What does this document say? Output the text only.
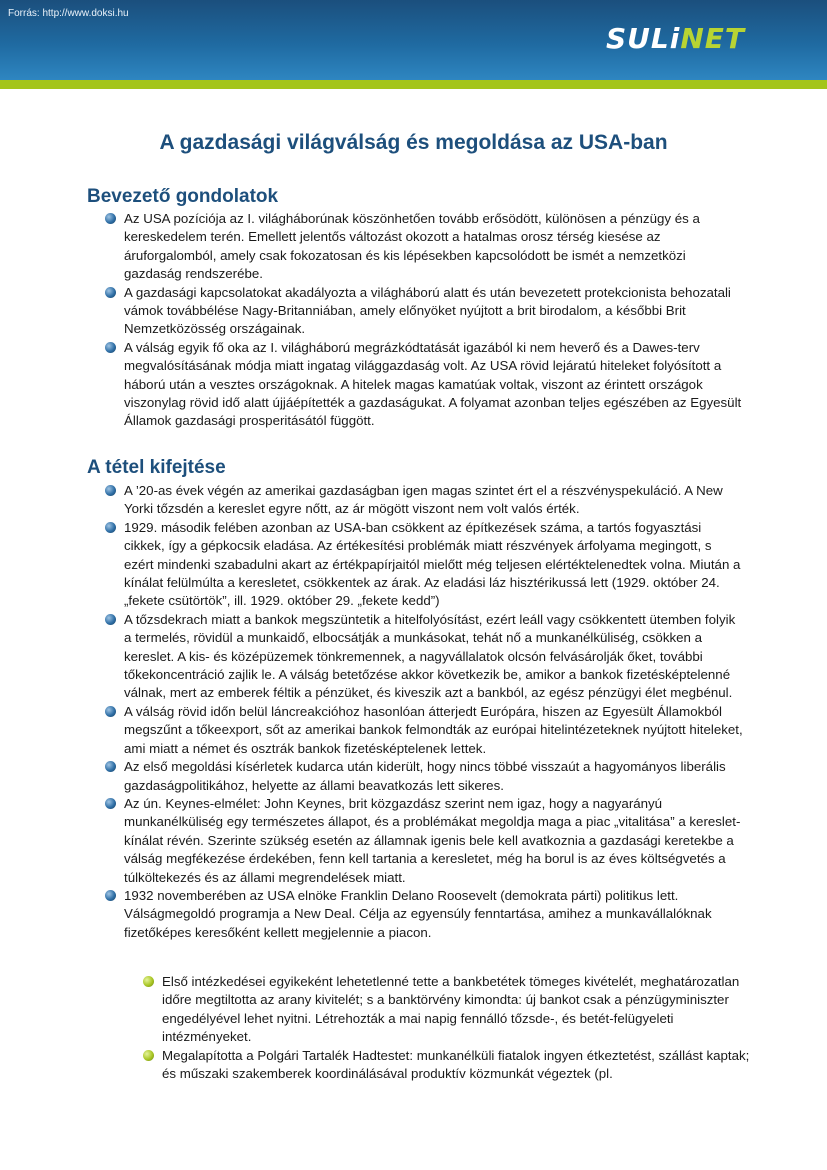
Forrás: http://www.doksi.hu
SULiNET
A gazdasági világválság és megoldása az USA-ban
Bevezető gondolatok
Az USA pozíciója az I. világháborúnak köszönhetően tovább erősödött, különösen a pénzügy és a kereskedelem terén. Emellett jelentős változást okozott a hatalmas orosz térség kiesése az áruforgalomból, amely csak fokozatosan és kis lépésekben kapcsolódott be ismét a nemzetközi gazdaság rendszerébe.
A gazdasági kapcsolatokat akadályozta a világháború alatt és után bevezetett protekcionista behozatali vámok továbbélése Nagy-Britanniában, amely előnyöket nyújtott a brit birodalom, a későbbi Brit Nemzetközösség országainak.
A válság egyik fő oka az I. világháború megrázkódtatását igazából ki nem heverő és a Dawes-terv megvalósításának módja miatt ingatag világgazdaság volt. Az USA rövid lejáratú hiteleket folyósított a háború után a vesztes országoknak. A hitelek magas kamatúak voltak, viszont az érintett országok viszonylag rövid idő alatt újjáépítették a gazdaságukat. A folyamat azonban teljes egészében az Egyesült Államok gazdasági prosperitásától függött.
A tétel kifejtése
A ’20-as évek végén az amerikai gazdaságban igen magas szintet ért el a részvényspekuláció. A New Yorki tőzsdén a kereslet egyre nőtt, az ár mögött viszont nem volt valós érték.
1929. második felében azonban az USA-ban csökkent az építkezések száma, a tartós fogyasztási cikkek, így a gépkocsik eladása. Az értékesítési problémák miatt részvények árfolyama megingott, s ezért mindenki szabadulni akart az értékpapírjaitól mielőtt még teljesen elértéktelenedtek volna. Miután a kínálat felülmúlta a keresletet, csökkentek az árak. Az eladási láz hisztérikussá lett (1929. október 24. „fekete csütörtök”, ill. 1929. október 29. „fekete kedd”)
A tőzsdekrach miatt a bankok megszüntetik a hitelfolyósítást, ezért leáll vagy csökkentett ütemben folyik a termelés, rövidül a munkaidő, elbocsátják a munkásokat, tehát nő a munkanélküliség, csökken a kereslet. A kis- és középüzemek tönkremennek, a nagyvállalatok olcsón felvásárolják őket, további tőkekoncentráció zajlik le. A válság betetőzése akkor következik be, amikor a bankok fizetésképtelenné válnak, mert az emberek féltik a pénzüket, és kiveszik azt a bankból, az egész pénzügyi élet megbénul.
A válság rövid időn belül láncreakcióhoz hasonlóan átterjedt Európára, hiszen az Egyesült Államokból megszűnt a tőkeexport, sőt az amerikai bankok felmondták az európai hitelintézeteknek nyújtott hiteleket, ami miatt a német és osztrák bankok fizetésképtelenek lettek.
Az első megoldási kísérletek kudarca után kiderült, hogy nincs többé visszaút a hagyományos liberális gazdaságpolitikához, helyette az állami beavatkozás lett sikeres.
Az ún. Keynes-elmélet: John Keynes, brit közgazdász szerint nem igaz, hogy a nagyarányú munkanélküliség egy természetes állapot, és a problémákat megoldja maga a piac „vitalitása” a kereslet-kínálat révén. Szerinte szükség esetén az államnak igenis bele kell avatkoznia a gazdasági keretekbe a válság megfékezése érdekében, fenn kell tartania a keresletet, még ha borul is az éves költségvetés a túlköltekezés és az állami megrendelések miatt.
1932 novemberében az USA elnöke Franklin Delano Roosevelt (demokrata párti) politikus lett. Válságmegoldó programja a New Deal. Célja az egyensúly fenntartása, amihez a munkavállalóknak fizetőképes keresőként kellett megjelennie a piacon.
Első intézkedései egyikeként lehetetlenné tette a bankbetétek tömeges kivételét, meghatározatlan időre megtiltotta az arany kivitelét; s a banktörvény kimondta: új bankot csak a pénzügyminiszter engedélyével lehet nyitni. Létrehozták a mai napig fennálló tőzsde-, és betét-felügyeleti intézményeket.
Megalapította a Polgári Tartalék Hadtestet: munkanélküli fiatalok ingyen étkeztetést, szállást kaptak; és műszaki szakemberek koordinálásával produktív közmunkát végeztek (pl.
